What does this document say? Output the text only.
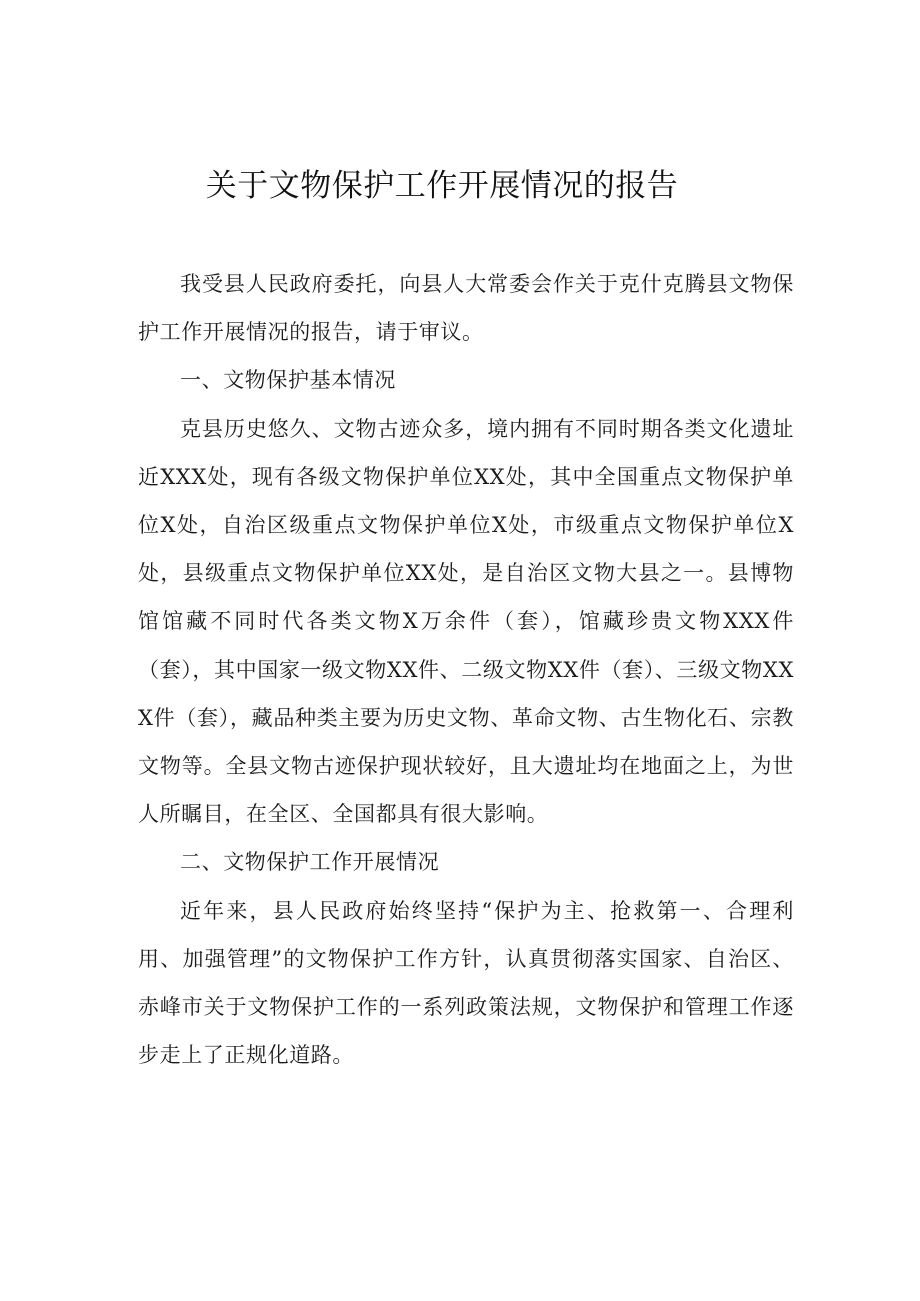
关于文物保护工作开展情况的报告

我受县人民政府委托，向县人大常委会作关于克什克腾县文物保护工作开展情况的报告，请于审议。

一、文物保护基本情况

克县历史悠久、文物古迹众多，境内拥有不同时期各类文化遗址近XXX处，现有各级文物保护单位XX处，其中全国重点文物保护单位X处，自治区级重点文物保护单位X处，市级重点文物保护单位X处，县级重点文物保护单位XX处，是自治区文物大县之一。县博物馆馆藏不同时代各类文物X万余件（套），馆藏珍贵文物XXX件（套），其中国家一级文物XX件、二级文物XX件（套）、三级文物XXX件（套），藏品种类主要为历史文物、革命文物、古生物化石、宗教文物等。全县文物古迹保护现状较好，且大遗址均在地面之上，为世人所瞩目，在全区、全国都具有很大影响。

二、文物保护工作开展情况

近年来，县人民政府始终坚持“保护为主、抢救第一、合理利用、加强管理”的文物保护工作方针，认真贯彻落实国家、自治区、赤峰市关于文物保护工作的一系列政策法规，文物保护和管理工作逐步走上了正规化道路。
